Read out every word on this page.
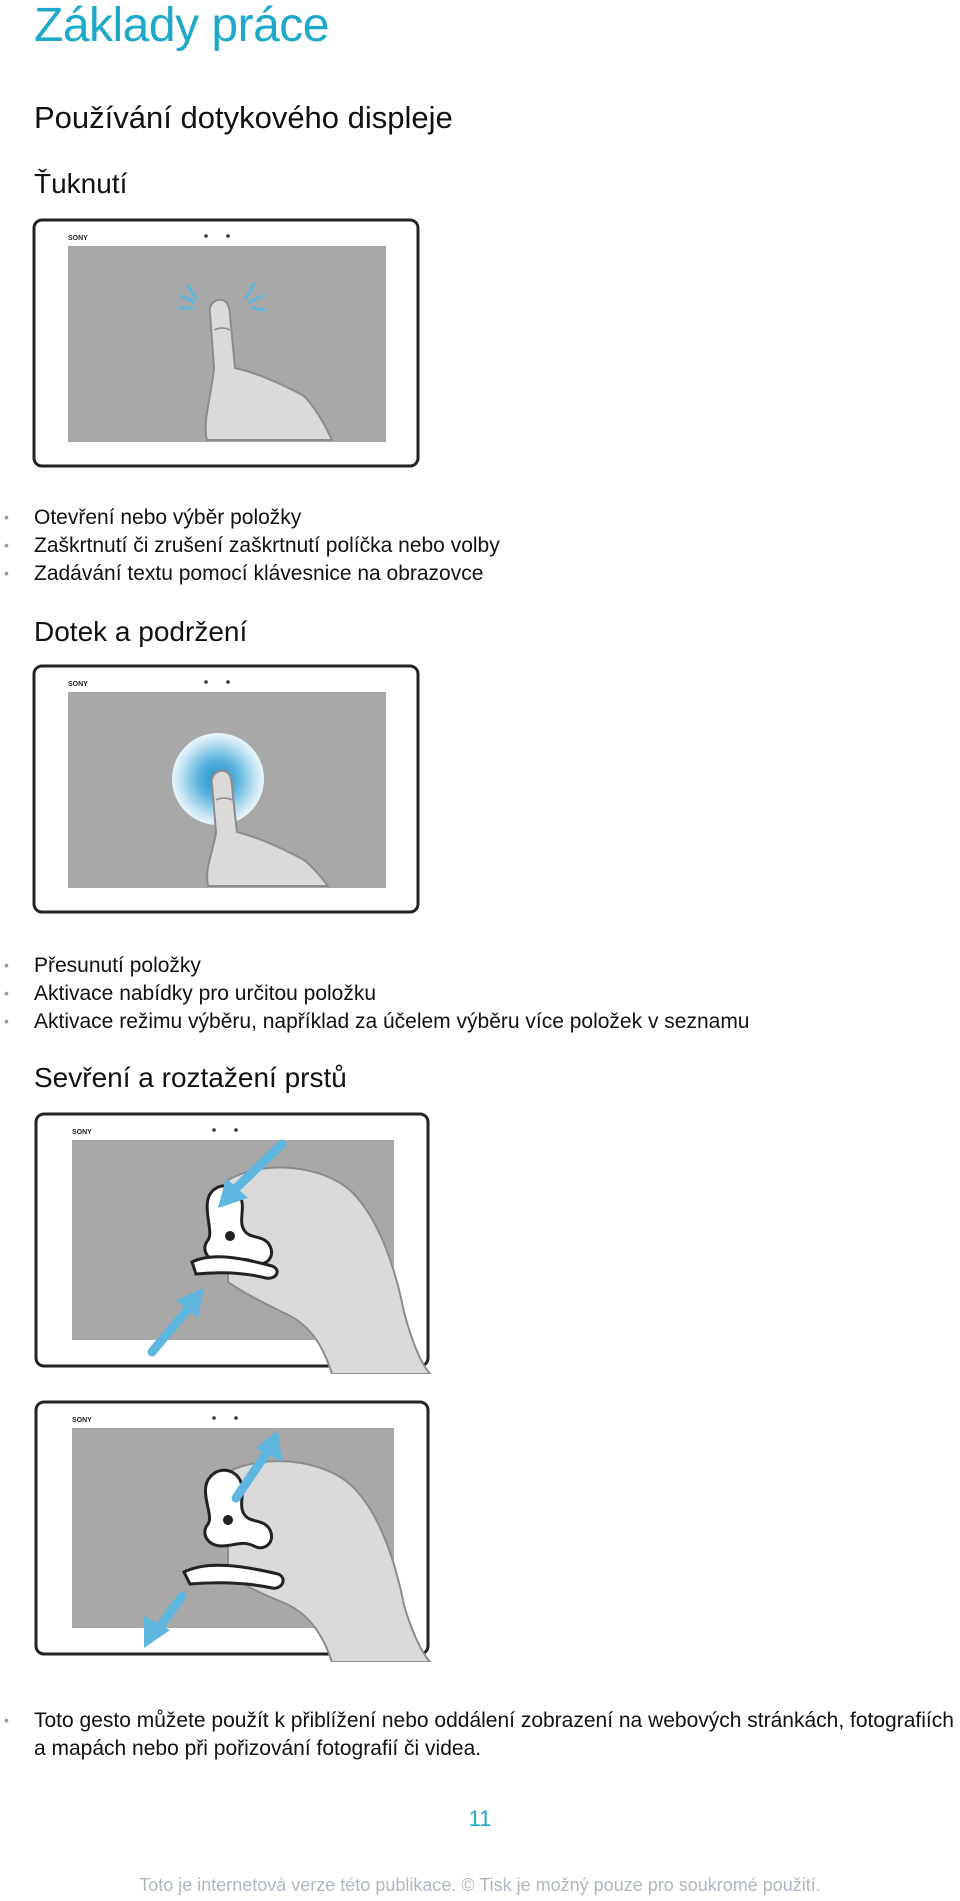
Základy práce
Používání dotykového displeje
Ťuknutí
SONY
• Otevření nebo výběr položky
• Zaškrtnutí či zrušení zaškrtnutí políčka nebo volby
• Zadávání textu pomocí klávesnice na obrazovce
Dotek a podržení
SONY
• Přesunutí položky
• Aktivace nabídky pro určitou položku
• Aktivace režimu výběru, například za účelem výběru více položek v seznamu
Sevření a roztažení prstů
SONY
SONY
• Toto gesto můžete použít k přiblížení nebo oddálení zobrazení na webových stránkách, fotografiích a mapách nebo při pořizování fotografií či videa.
11
Toto je internetová verze této publikace. © Tisk je možný pouze pro soukromé použití.
